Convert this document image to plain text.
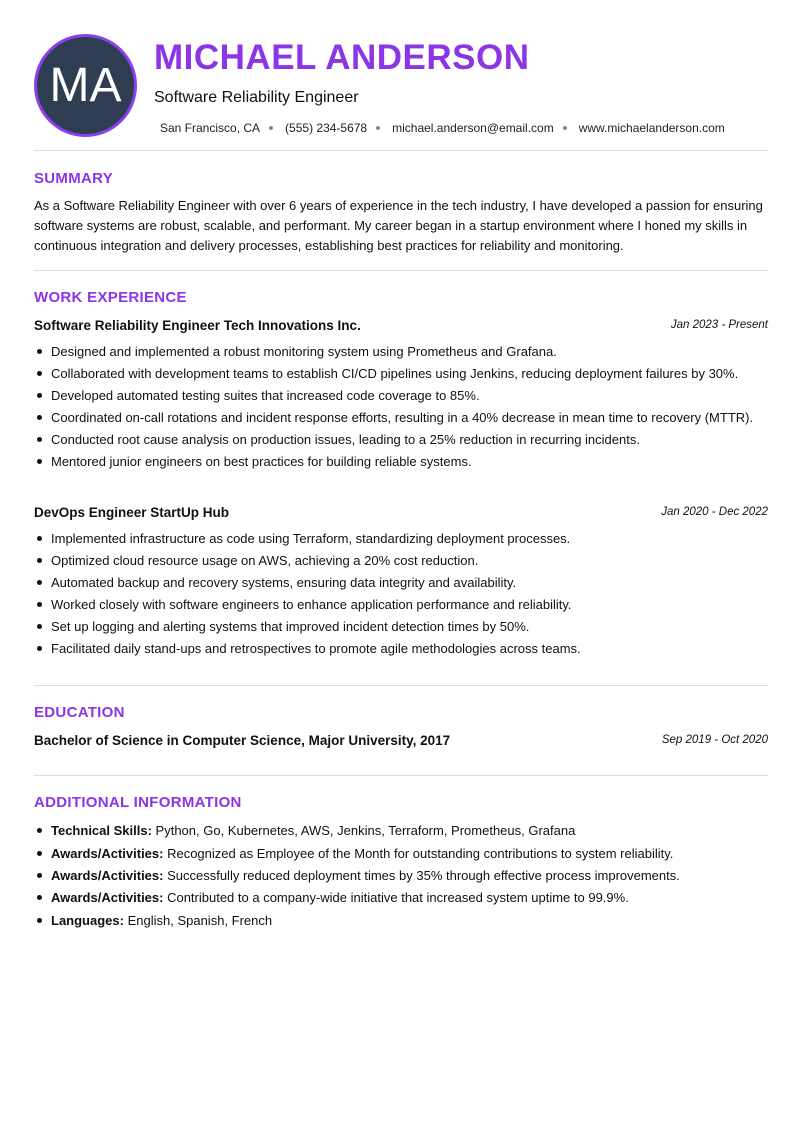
MA
MICHAEL ANDERSON
Software Reliability Engineer
San Francisco, CA (555) 234-5678 michael.anderson@email.com www.michaelanderson.com
SUMMARY
As a Software Reliability Engineer with over 6 years of experience in the tech industry, I have developed a passion for ensuring software systems are robust, scalable, and performant. My career began in a startup environment where I honed my skills in continuous integration and delivery processes, establishing best practices for reliability and monitoring.
WORK EXPERIENCE
Software Reliability Engineer Tech Innovations Inc.	Jan 2023 - Present
Designed and implemented a robust monitoring system using Prometheus and Grafana.
Collaborated with development teams to establish CI/CD pipelines using Jenkins, reducing deployment failures by 30%.
Developed automated testing suites that increased code coverage to 85%.
Coordinated on-call rotations and incident response efforts, resulting in a 40% decrease in mean time to recovery (MTTR).
Conducted root cause analysis on production issues, leading to a 25% reduction in recurring incidents.
Mentored junior engineers on best practices for building reliable systems.
DevOps Engineer StartUp Hub	Jan 2020 - Dec 2022
Implemented infrastructure as code using Terraform, standardizing deployment processes.
Optimized cloud resource usage on AWS, achieving a 20% cost reduction.
Automated backup and recovery systems, ensuring data integrity and availability.
Worked closely with software engineers to enhance application performance and reliability.
Set up logging and alerting systems that improved incident detection times by 50%.
Facilitated daily stand-ups and retrospectives to promote agile methodologies across teams.
EDUCATION
Bachelor of Science in Computer Science, Major University, 2017	Sep 2019 - Oct 2020
ADDITIONAL INFORMATION
Technical Skills: Python, Go, Kubernetes, AWS, Jenkins, Terraform, Prometheus, Grafana
Awards/Activities: Recognized as Employee of the Month for outstanding contributions to system reliability.
Awards/Activities: Successfully reduced deployment times by 35% through effective process improvements.
Awards/Activities: Contributed to a company-wide initiative that increased system uptime to 99.9%.
Languages: English, Spanish, French
